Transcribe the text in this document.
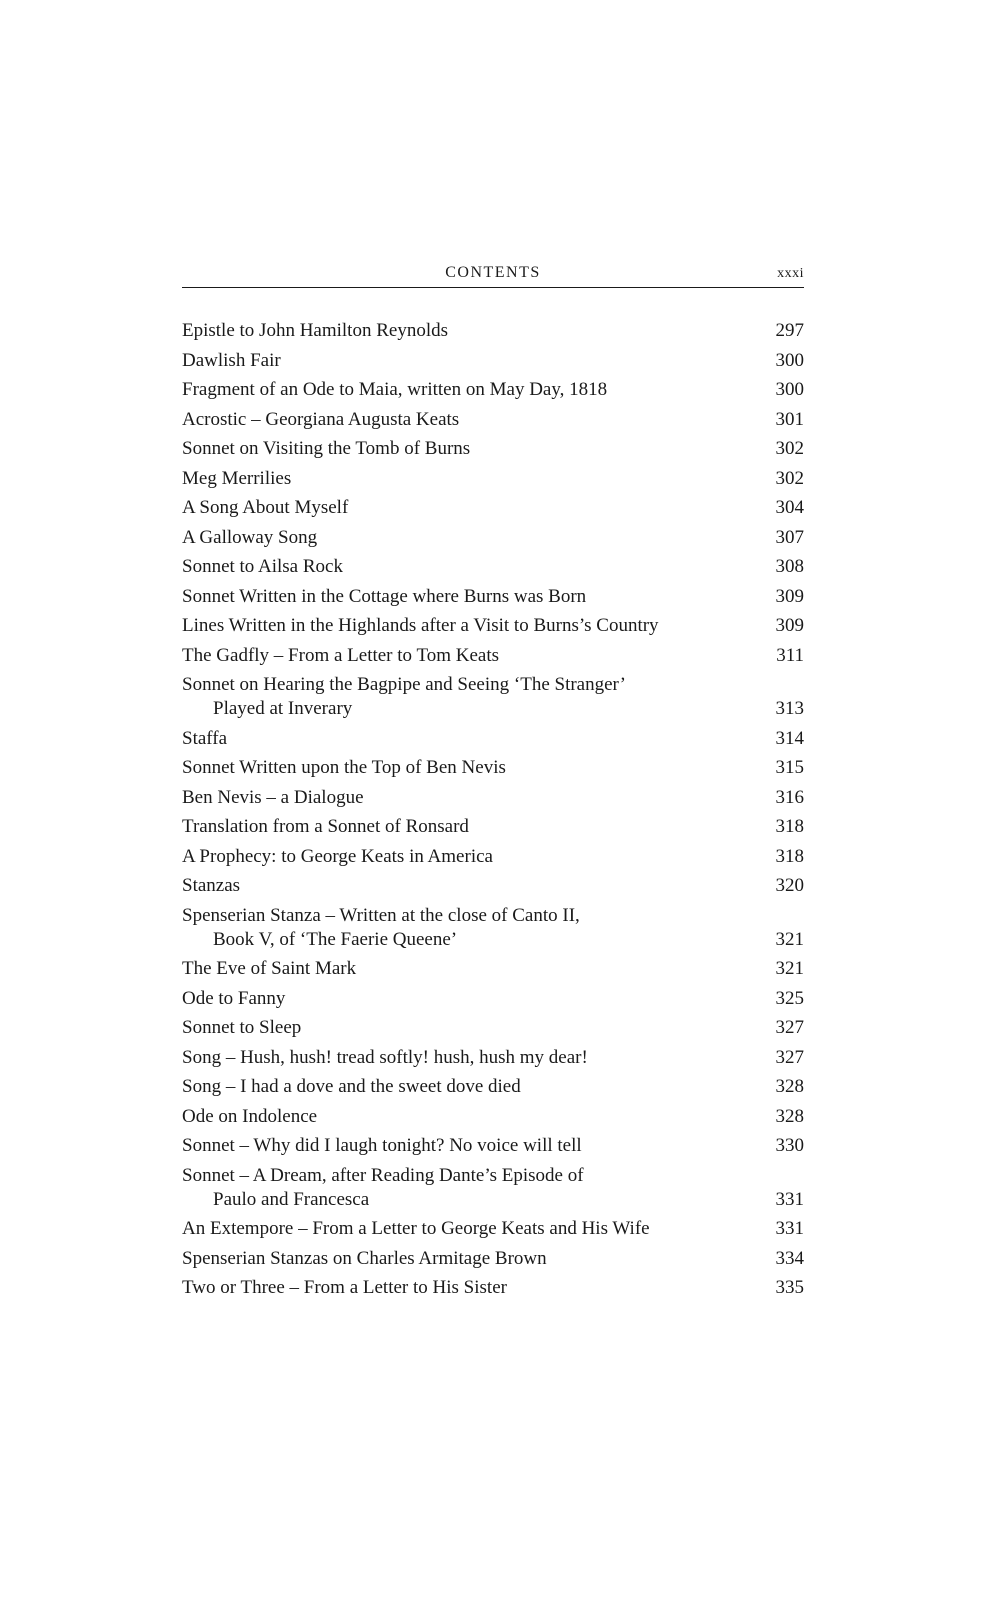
CONTENTS	xxxi
Epistle to John Hamilton Reynolds	297
Dawlish Fair	300
Fragment of an Ode to Maia, written on May Day, 1818	300
Acrostic – Georgiana Augusta Keats	301
Sonnet on Visiting the Tomb of Burns	302
Meg Merrilies	302
A Song About Myself	304
A Galloway Song	307
Sonnet to Ailsa Rock	308
Sonnet Written in the Cottage where Burns was Born	309
Lines Written in the Highlands after a Visit to Burns’s Country	309
The Gadfly – From a Letter to Tom Keats	311
Sonnet on Hearing the Bagpipe and Seeing ‘The Stranger’
Played at Inverary	313
Staffa	314
Sonnet Written upon the Top of Ben Nevis	315
Ben Nevis – a Dialogue	316
Translation from a Sonnet of Ronsard	318
A Prophecy: to George Keats in America	318
Stanzas	320
Spenserian Stanza – Written at the close of Canto II,
Book V, of ‘The Faerie Queene’	321
The Eve of Saint Mark	321
Ode to Fanny	325
Sonnet to Sleep	327
Song – Hush, hush! tread softly! hush, hush my dear!	327
Song – I had a dove and the sweet dove died	328
Ode on Indolence	328
Sonnet – Why did I laugh tonight? No voice will tell	330
Sonnet – A Dream, after Reading Dante’s Episode of
Paulo and Francesca	331
An Extempore – From a Letter to George Keats and His Wife	331
Spenserian Stanzas on Charles Armitage Brown	334
Two or Three – From a Letter to His Sister	335
